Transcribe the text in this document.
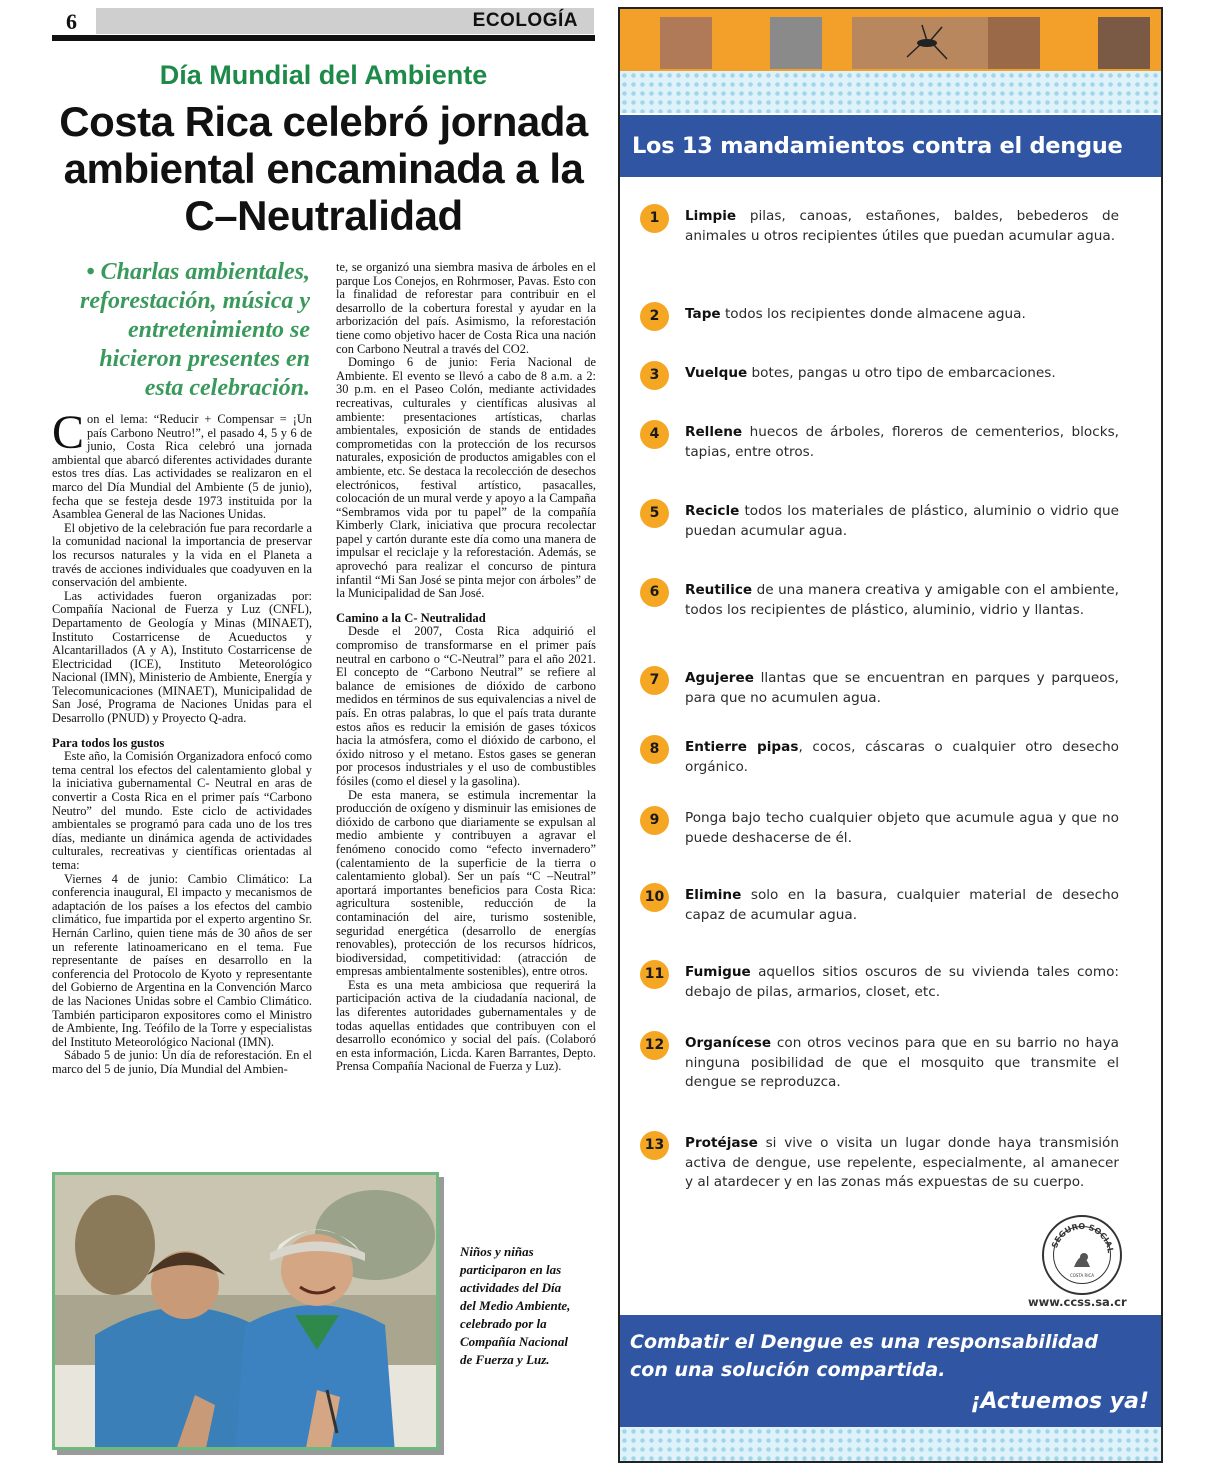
6	ECOLOGÍA
Día Mundial del Ambiente
Costa Rica celebró jornada
ambiental encaminada a la
C–Neutralidad
• Charlas ambientales, reforestación, música y entretenimiento se hicieron presentes en esta celebración.

Con el lema: “Reducir + Compensar = ¡Un país Carbono Neutro!”, el pasado 4, 5 y 6 de junio, Costa Rica celebró una jornada ambiental que abarcó diferentes actividades durante estos tres días. Las actividades se realizaron en el marco del Día Mundial del Ambiente (5 de junio), fecha que se festeja desde 1973 instituida por la Asamblea General de las Naciones Unidas.

El objetivo de la celebración fue para recordarle a la comunidad nacional la importancia de preservar los recursos naturales y la vida en el Planeta a través de acciones individuales que coadyuven en la conservación del ambiente.

Las actividades fueron organizadas por: Compañía Nacional de Fuerza y Luz (CNFL), Departamento de Geología y Minas (MINAET), Instituto Costarricense de Acueductos y Alcantarillados (A y A), Instituto Costarricense de Electricidad (ICE), Instituto Meteorológico Nacional (IMN), Ministerio de Ambiente, Energía y Telecomunicaciones (MINAET), Municipalidad de San José, Programa de Naciones Unidas para el Desarrollo (PNUD) y Proyecto Q-adra.

Para todos los gustos

Este año, la Comisión Organizadora enfocó como tema central los efectos del calentamiento global y la iniciativa gubernamental C- Neutral en aras de convertir a Costa Rica en el primer país “Carbono Neutro” del mundo. Este ciclo de actividades ambientales se programó para cada uno de los tres días, mediante un dinámica agenda de actividades culturales, recreativas y científicas orientadas al tema:

Viernes 4 de junio: Cambio Climático: La conferencia inaugural, El impacto y mecanismos de adaptación de los países a los efectos del cambio climático, fue impartida por el experto argentino Sr. Hernán Carlino, quien tiene más de 30 años de ser un referente latinoamericano en el tema. Fue representante de países en desarrollo en la conferencia del Protocolo de Kyoto y representante del Gobierno de Argentina en la Convención Marco de las Naciones Unidas sobre el Cambio Climático. También participaron expositores como el Ministro de Ambiente, Ing. Teófilo de la Torre y especialistas del Instituto Meteorológico Nacional (IMN).

Sábado 5 de junio: Un día de reforestación. En el marco del 5 de junio, Día Mundial del Ambien-

te, se organizó una siembra masiva de árboles en el parque Los Conejos, en Rohrmoser, Pavas. Esto con la finalidad de reforestar para contribuir en el desarrollo de la cobertura forestal y ayudar en la arborización del país. Asimismo, la reforestación tiene como objetivo hacer de Costa Rica una nación con Carbono Neutral a través del CO2.

Domingo 6 de junio: Feria Nacional de Ambiente. El evento se llevó a cabo de 8 a.m. a 2: 30 p.m. en el Paseo Colón, mediante actividades recreativas, culturales y científicas alusivas al ambiente: presentaciones artísticas, charlas ambientales, exposición de stands de entidades comprometidas con la protección de los recursos naturales, exposición de productos amigables con el ambiente, etc. Se destaca la recolección de desechos electrónicos, festival artístico, pasacalles, colocación de un mural verde y apoyo a la Campaña “Sembramos vida por tu papel” de la compañía Kimberly Clark, iniciativa que procura recolectar papel y cartón durante este día como una manera de impulsar el reciclaje y la reforestación. Además, se aprovechó para realizar el concurso de pintura infantil “Mi San José se pinta mejor con árboles” de la Municipalidad de San José.

Camino a la C- Neutralidad

Desde el 2007, Costa Rica adquirió el compromiso de transformarse en el primer país neutral en carbono o “C-Neutral” para el año 2021. El concepto de “Carbono Neutral” se refiere al balance de emisiones de dióxido de carbono medidos en términos de sus equivalencias a nivel de país. En otras palabras, lo que el país trata durante estos años es reducir la emisión de gases tóxicos hacia la atmósfera, como el dióxido de carbono, el óxido nitroso y el metano. Estos gases se generan por procesos industriales y el uso de combustibles fósiles (como el diesel y la gasolina).

De esta manera, se estimula incrementar la producción de oxígeno y disminuir las emisiones de dióxido de carbono que diariamente se expulsan al medio ambiente y contribuyen a agravar el fenómeno conocido como “efecto invernadero” (calentamiento de la superficie de la tierra o calentamiento global). Ser un país “C –Neutral” aportará importantes beneficios para Costa Rica: agricultura sostenible, reducción de la contaminación del aire, turismo sostenible, seguridad energética (desarrollo de energías renovables), protección de los recursos hídricos, biodiversidad, competitividad: (atracción de empresas ambientalmente sostenibles), entre otros.

Esta es una meta ambiciosa que requerirá la participación activa de la ciudadanía nacional, de las diferentes autoridades gubernamentales y de todas aquellas entidades que contribuyen con el desarrollo económico y social del país. (Colaboró en esta información, Licda. Karen Barrantes, Depto. Prensa Compañía Nacional de Fuerza y Luz).

Niños y niñas participaron en las actividades del Día del Medio Ambiente, celebrado por la Compañía Nacional de Fuerza y Luz.
Los 13 mandamientos contra el dengue
1	Limpie pilas, canoas, estañones, baldes, bebederos de animales u otros recipientes útiles que puedan acumular agua.
2	Tape todos los recipientes donde almacene agua.
3	Vuelque botes, pangas u otro tipo de embarcaciones.
4	Rellene huecos de árboles, floreros de cementerios, blocks, tapias, entre otros.
5	Recicle todos los materiales de plástico, aluminio o vidrio que puedan acumular agua.
6	Reutilice de una manera creativa y amigable con el ambiente, todos los recipientes de plástico, aluminio, vidrio y llantas.
7	Agujeree llantas que se encuentran en parques y parqueos, para que no acumulen agua.
8	Entierre pipas, cocos, cáscaras o cualquier otro desecho orgánico.
9	Ponga bajo techo cualquier objeto que acumule agua y que no puede deshacerse de él.
10	Elimine solo en la basura, cualquier material de desecho capaz de acumular agua.
11	Fumigue aquellos sitios oscuros de su vivienda tales como: debajo de pilas, armarios, closet, etc.
12	Organícese con otros vecinos para que en su barrio no haya ninguna posibilidad de que el mosquito que transmite el dengue se reproduzca.
13	Protéjase si vive o visita un lugar donde haya transmisión activa de dengue, use repelente, especialmente, al amanecer y al atardecer y en las zonas más expuestas de su cuerpo.
SEGURO SOCIAL
COSTA RICA
www.ccss.sa.cr
Combatir el Dengue es una responsabilidad
con una solución compartida.
¡Actuemos ya!
